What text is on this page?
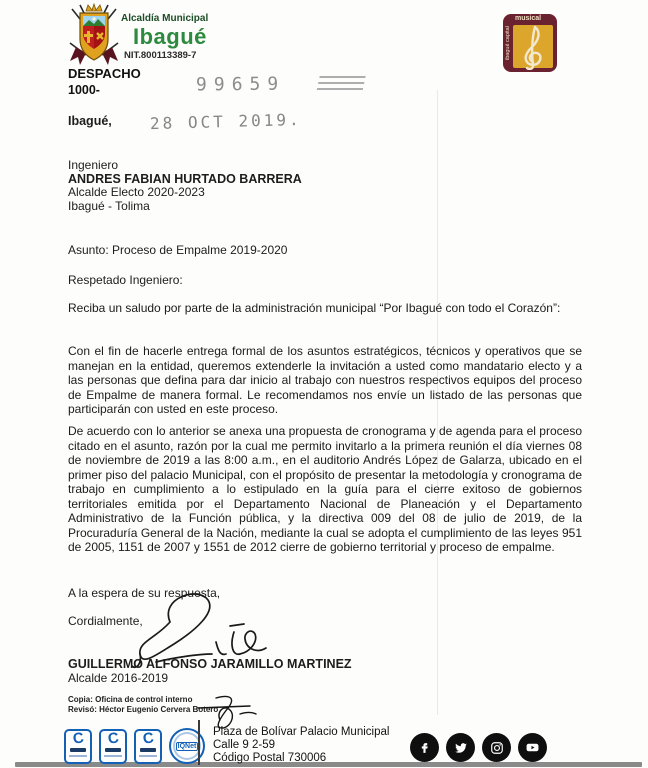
Alcaldía Municipal
Ibagué
NIT.800113389-7
musical
ibagué capital
DESPACHO
1000-	99659
Ibagué, 28 OCT 2019.
Ingeniero
ANDRES FABIAN HURTADO BARRERA
Alcalde Electo 2020-2023
Ibagué - Tolima
Asunto: Proceso de Empalme 2019-2020
Respetado Ingeniero:
Reciba un saludo por parte de la administración municipal “Por Ibagué con todo el Corazón”:
Con el fin de hacerle entrega formal de los asuntos estratégicos, técnicos y operativos que se manejan en la entidad, queremos extenderle la invitación a usted como mandatario electo y a las personas que defina para dar inicio al trabajo con nuestros respectivos equipos del proceso de Empalme de manera formal. Le recomendamos nos envíe un listado de las personas que participarán con usted en este proceso.
De acuerdo con lo anterior se anexa una propuesta de cronograma y de agenda para el proceso citado en el asunto, razón por la cual me permito invitarlo a la primera reunión el día viernes 08 de noviembre de 2019 a las 8:00 a.m., en el auditorio Andrés López de Galarza, ubicado en el primer piso del palacio Municipal, con el propósito de presentar la metodología y cronograma de trabajo en cumplimiento a lo estipulado en la guía para el cierre exitoso de gobiernos territoriales emitida por el Departamento Nacional de Planeación y el Departamento Administrativo de la Función pública, y la directiva 009 del 08 de julio de 2019, de la Procuraduría General de la Nación, mediante la cual se adopta el cumplimiento de las leyes 951 de 2005, 1151 de 2007 y 1551 de 2012 cierre de gobierno territorial y proceso de empalme.
A la espera de su respuesta,
Cordialmente,
GUILLERMO ALFONSO JARAMILLO MARTINEZ
Alcalde 2016-2019
Copia: Oficina de control interno
Revisó: Héctor Eugenio Cervera Botero
C C C	IQNet
Plaza de Bolívar Palacio Municipal
Calle 9 2-59
Código Postal 730006
